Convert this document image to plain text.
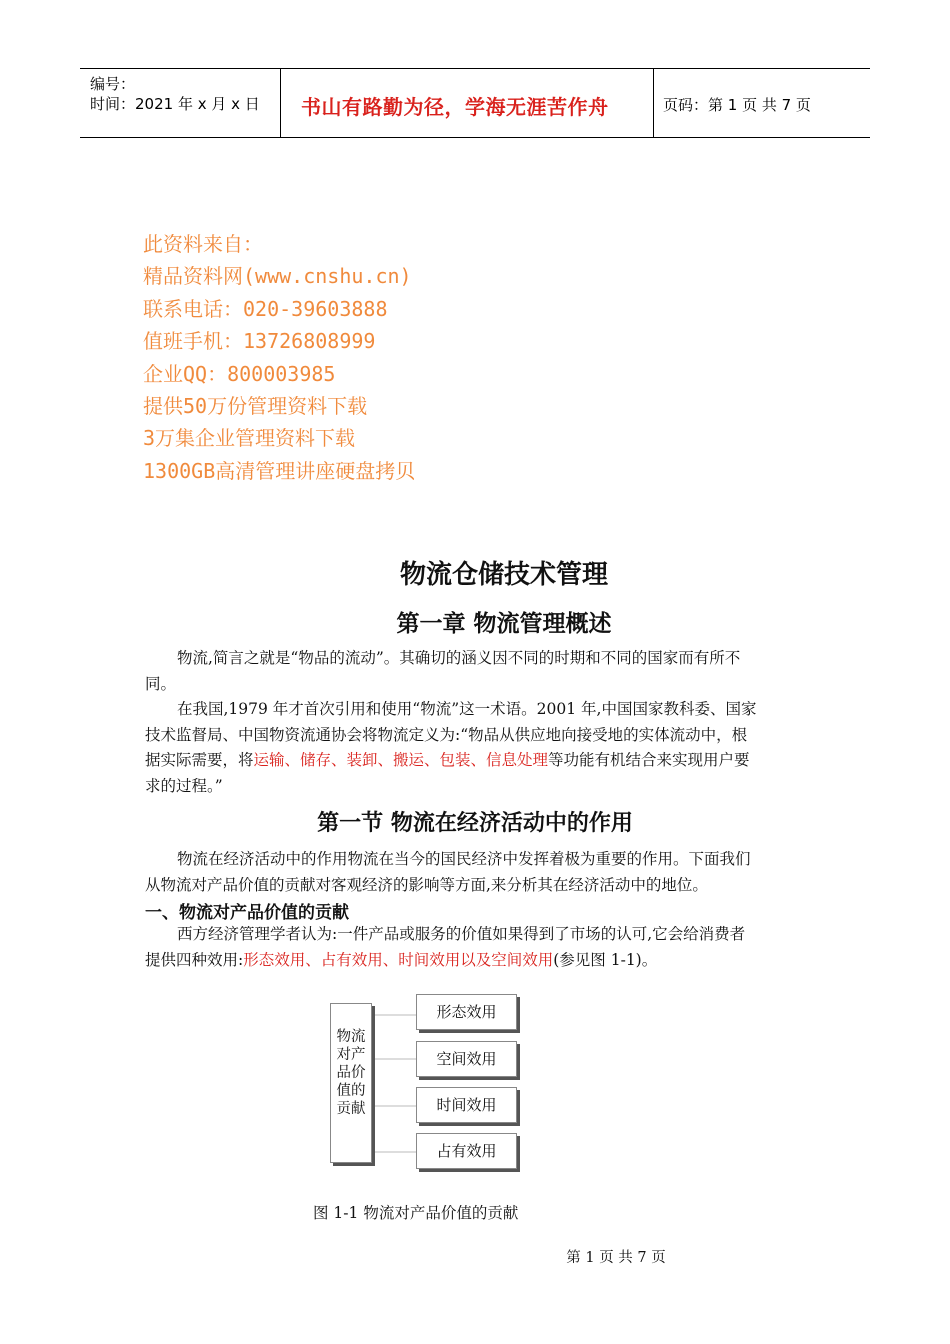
编号：
时间：2021 年 x 月 x 日 书山有路勤为径，学海无涯苦作舟	页码：第 1 页 共 7 页
此资料来自：
精品资料网(www.cnshu.cn)
联系电话：020-39603888
值班手机：13726808999
企业QQ：800003985
提供50万份管理资料下载
3万集企业管理资料下载
1300GB高清管理讲座硬盘拷贝
物流仓储技术管理
第一章 物流管理概述
物流,简言之就是“物品的流动”。其确切的涵义因不同的时期和不同的国家而有所不
同。
在我国,1979 年才首次引用和使用“物流”这一术语。2001 年,中国国家教科委、国家
技术监督局、中国物资流通协会将物流定义为:“物品从供应地向接受地的实体流动中，根
据实际需要，将运输、储存、装卸、搬运、包装、信息处理等功能有机结合来实现用户要
求的过程。”
第一节 物流在经济活动中的作用
物流在经济活动中的作用物流在当今的国民经济中发挥着极为重要的作用。下面我们
从物流对产品价值的贡献对客观经济的影响等方面,来分析其在经济活动中的地位。
一、物流对产品价值的贡献
西方经济管理学者认为:一件产品或服务的价值如果得到了市场的认可,它会给消费者
提供四种效用:形态效用、占有效用、时间效用以及空间效用(参见图 1-1)。
物流
对产
品价
值的
贡献
形态效用
空间效用
时间效用
占有效用
图 1-1 物流对产品价值的贡献
第 1 页 共 7 页
